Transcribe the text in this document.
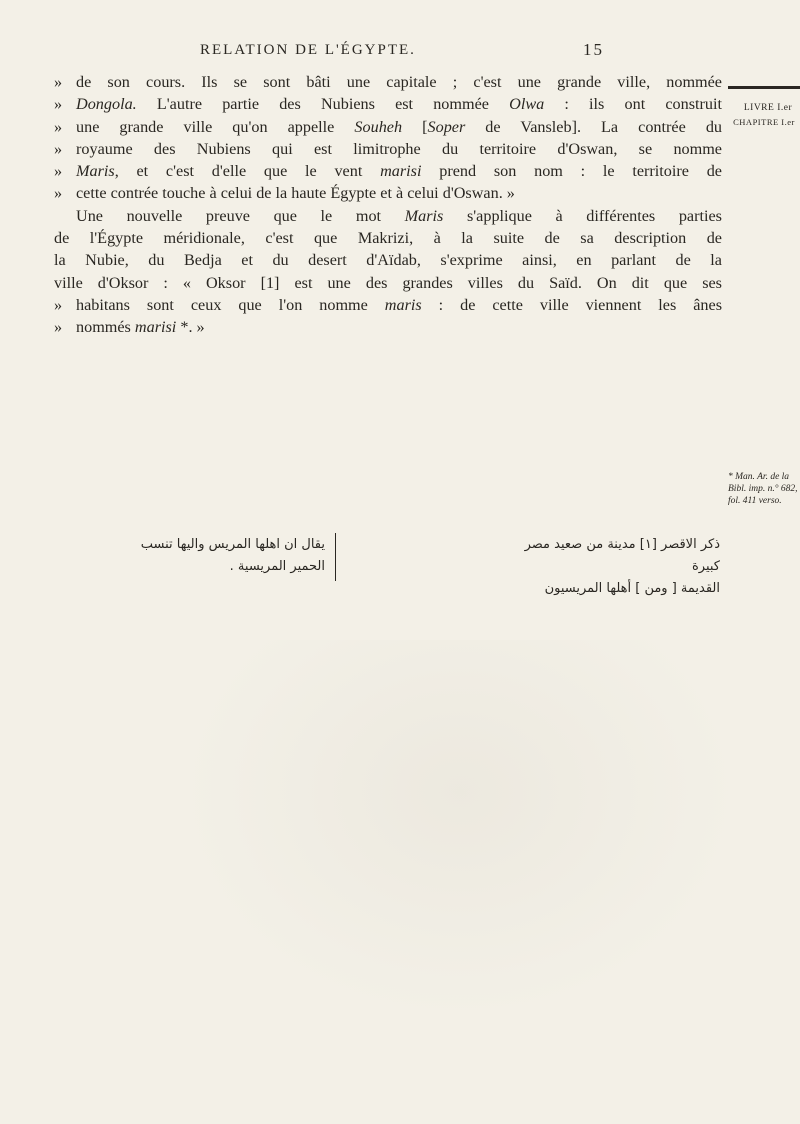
RELATION DE L'ÉGYPTE.	15
LIVRE I.er
CHAPITRE I.er
» de son cours. Ils se sont bâti une capitale ; c'est une grande ville, nommée
» Dongola. L'autre partie des Nubiens est nommée Olwa : ils ont construit
» une grande ville qu'on appelle Souheh [Soper de Vansleb]. La contrée du
» royaume des Nubiens qui est limitrophe du territoire d'Oswan, se nomme
» Maris, et c'est d'elle que le vent marisi prend son nom : le territoire de
» cette contrée touche à celui de la haute Égypte et à celui d'Oswan. »
Une nouvelle preuve que le mot Maris s'applique à différentes parties
de l'Égypte méridionale, c'est que Makrizi, à la suite de sa description de
la Nubie, du Bedja et du desert d'Aïdab, s'exprime ainsi, en parlant de la
ville d'Oksor : « Oksor [1] est une des grandes villes du Saïd. On dit que ses
» habitans sont ceux que l'on nomme maris : de cette ville viennent les ânes
» nommés marisi *. »
* Man. Ar. de la
Bibl. imp. n.° 682,
fol. 411 verso.
ذكر الاقصر [١] مدينة من صعيد مصر كبيرة
القديمة [ ومن ] أهلها المريسيون
يقال ان اهلها المريس واليها تنسب
الحمير المريسية .
